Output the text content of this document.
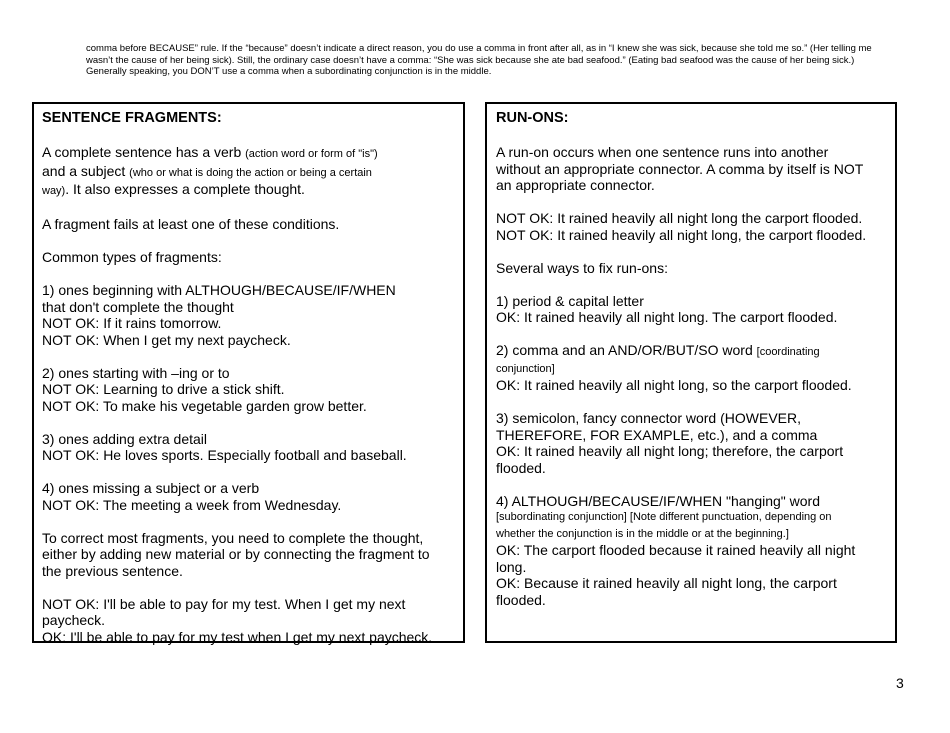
comma before BECAUSE” rule. If the “because” doesn’t indicate a direct reason, you do use a comma in front after all, as in “I knew she was sick, because she told me so.” (Her telling me

wasn’t the cause of her being sick). Still, the ordinary case doesn’t have a comma: “She was sick because she ate bad seafood.” (Eating bad seafood was the cause of her being sick.)

Generally speaking, you DON’T use a comma when a subordinating conjunction is in the middle.

SENTENCE FRAGMENTS:
A complete sentence has a verb (action word or form of "is")
and a subject (who or what is doing the action or being a certain
way). It also expresses a complete thought.
A fragment fails at least one of these conditions.
Common types of fragments:
1) ones beginning with ALTHOUGH/BECAUSE/IF/WHEN
that don't complete the thought
NOT OK: If it rains tomorrow.
NOT OK: When I get my next paycheck.
2) ones starting with –ing or to
NOT OK: Learning to drive a stick shift.
NOT OK: To make his vegetable garden grow better.
3) ones adding extra detail
NOT OK: He loves sports. Especially football and baseball.
4) ones missing a subject or a verb
NOT OK: The meeting a week from Wednesday.
To correct most fragments, you need to complete the thought,
either by adding new material or by connecting the fragment to
the previous sentence.
NOT OK: I'll be able to pay for my test. When I get my next
paycheck.
OK: I'll be able to pay for my test when I get my next paycheck.
RUN-ONS:
A run-on occurs when one sentence runs into another
without an appropriate connector. A comma by itself is NOT
an appropriate connector.
NOT OK: It rained heavily all night long the carport flooded.
NOT OK: It rained heavily all night long, the carport flooded.
Several ways to fix run-ons:
1) period & capital letter
OK: It rained heavily all night long. The carport flooded.
2) comma and an AND/OR/BUT/SO word [coordinating
conjunction]
OK: It rained heavily all night long, so the carport flooded.
3) semicolon, fancy connector word (HOWEVER,
THEREFORE, FOR EXAMPLE, etc.), and a comma
OK: It rained heavily all night long; therefore, the carport
flooded.
4) ALTHOUGH/BECAUSE/IF/WHEN "hanging" word
[subordinating conjunction] [Note different punctuation, depending on
whether the conjunction is in the middle or at the beginning.]
OK: The carport flooded because it rained heavily all night
long.
OK: Because it rained heavily all night long, the carport
flooded.
3
